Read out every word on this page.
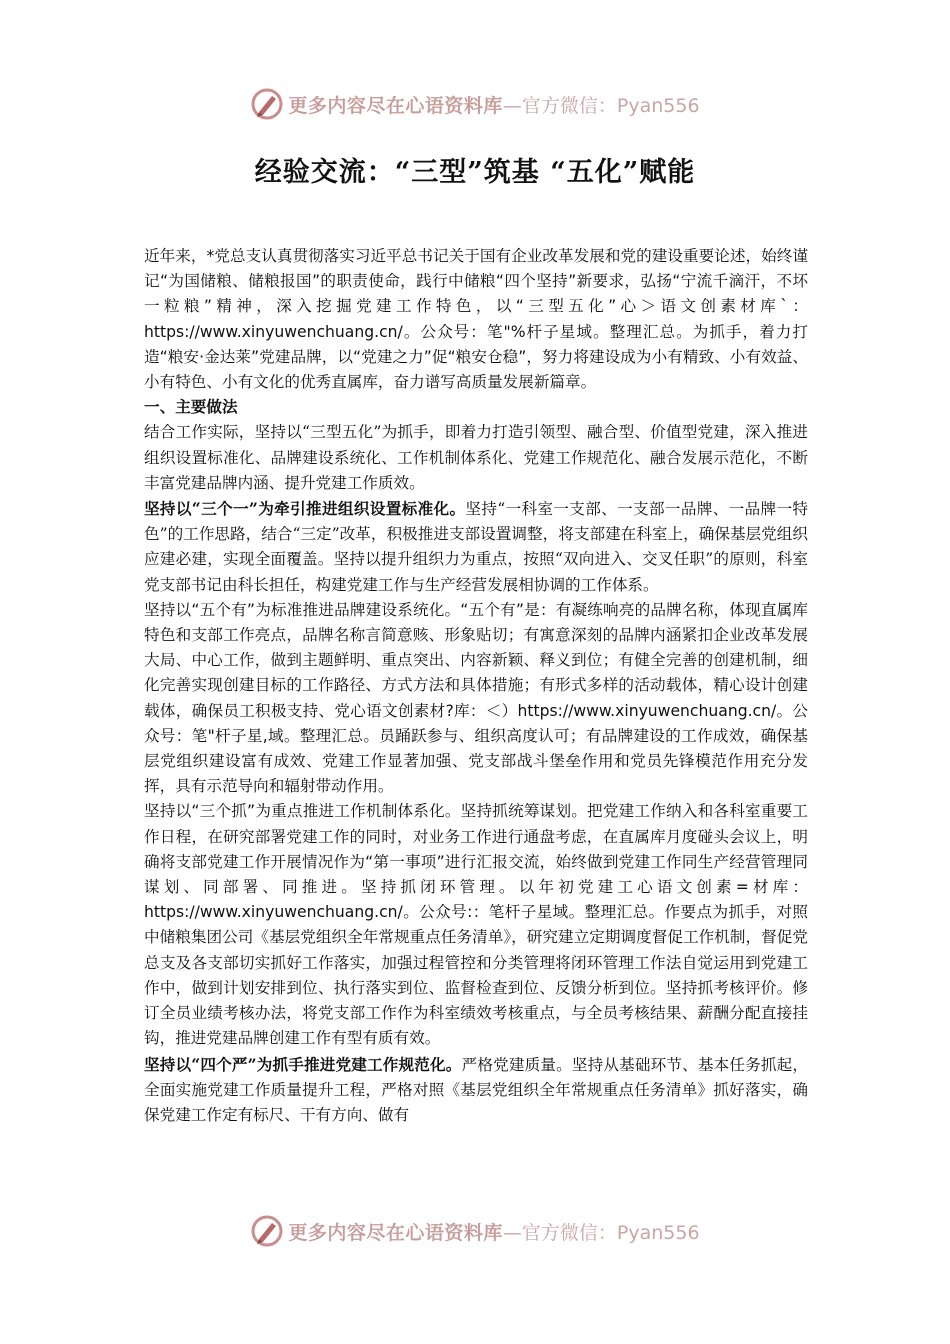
更多内容尽在心语资料库 —官方微信：Pyan556
经验交流：“三型”筑基 “五化”赋能

近年来，*党总支认真贯彻落实习近平总书记关于国有企业改革发展和党的建设重要论述，始终谨记“为国储粮、储粮报国”的职责使命，践行中储粮“四个坚持”新要求，弘扬“宁流千滴汗，不坏一粒粮”精神，深入挖掘党建工作特色，以“三型五化”心＞语文创素材库`：https://www.xinyuwenchuang.cn/。公众号：笔"%杆子星域。整理汇总。为抓手，着力打造“粮安·金达莱”党建品牌，以“党建之力”促“粮安仓稳”，努力将建设成为小有精致、小有效益、小有特色、小有文化的优秀直属库，奋力谱写高质量发展新篇章。

一、主要做法

结合工作实际，坚持以“三型五化”为抓手，即着力打造引领型、融合型、价值型党建，深入推进组织设置标准化、品牌建设系统化、工作机制体系化、党建工作规范化、融合发展示范化，不断丰富党建品牌内涵、提升党建工作质效。

坚持以“三个一”为牵引推进组织设置标准化。坚持“一科室一支部、一支部一品牌、一品牌一特色”的工作思路，结合“三定”改革，积极推进支部设置调整，将支部建在科室上，确保基层党组织应建必建，实现全面覆盖。坚持以提升组织力为重点，按照“双向进入、交叉任职”的原则，科室党支部书记由科长担任，构建党建工作与生产经营发展相协调的工作体系。

坚持以“五个有”为标准推进品牌建设系统化。“五个有”是：有凝练响亮的品牌名称，体现直属库特色和支部工作亮点，品牌名称言简意赅、形象贴切；有寓意深刻的品牌内涵紧扣企业改革发展大局、中心工作，做到主题鲜明、重点突出、内容新颖、释义到位；有健全完善的创建机制，细化完善实现创建目标的工作路径、方式方法和具体措施；有形式多样的活动载体，精心设计创建载体，确保员工积极支持、党心语文创素材?库：＜）https://www.xinyuwenchuang.cn/。公众号：笔"杆子星,域。整理汇总。员踊跃参与、组织高度认可；有品牌建设的工作成效，确保基层党组织建设富有成效、党建工作显著加强、党支部战斗堡垒作用和党员先锋模范作用充分发挥，具有示范导向和辐射带动作用。

坚持以“三个抓”为重点推进工作机制体系化。坚持抓统筹谋划。把党建工作纳入和各科室重要工作日程，在研究部署党建工作的同时，对业务工作进行通盘考虑，在直属库月度碰头会议上，明确将支部党建工作开展情况作为“第一事项”进行汇报交流，始终做到党建工作同生产经营管理同谋划、同部署、同推进。坚持抓闭环管理。以年初党建工心语文创素=材库：https://www.xinyuwenchuang.cn/。公众号:：笔杆子星域。整理汇总。作要点为抓手，对照中储粮集团公司《基层党组织全年常规重点任务清单》，研究建立定期调度督促工作机制，督促党总支及各支部切实抓好工作落实，加强过程管控和分类管理将闭环管理工作法自觉运用到党建工作中，做到计划安排到位、执行落实到位、监督检查到位、反馈分析到位。坚持抓考核评价。修订全员业绩考核办法，将党支部工作作为科室绩效考核重点，与全员考核结果、薪酬分配直接挂钩，推进党建品牌创建工作有型有质有效。

坚持以“四个严”为抓手推进党建工作规范化。严格党建质量。坚持从基础环节、基本任务抓起，全面实施党建工作质量提升工程，严格对照《基层党组织全年常规重点任务清单》抓好落实，确保党建工作定有标尺、干有方向、做有

更多内容尽在心语资料库 —官方微信：Pyan556
